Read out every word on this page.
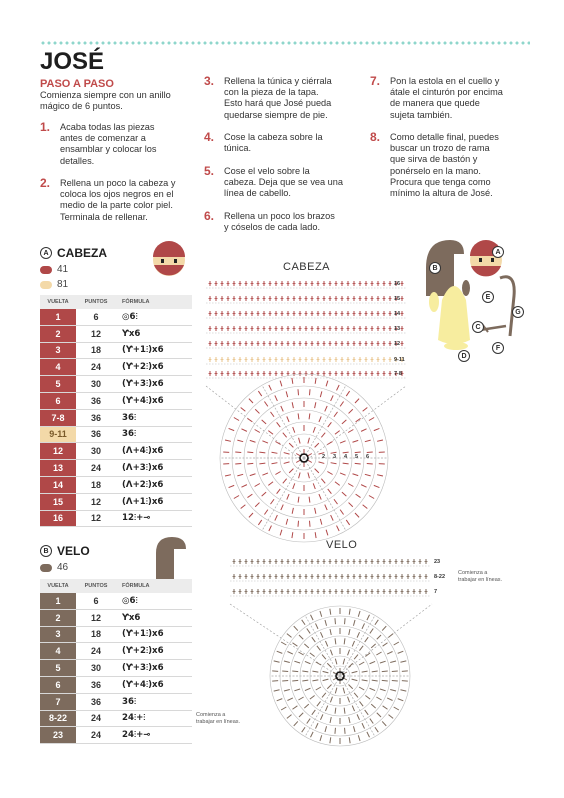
JOSÉ
PASO A PASO
Comienza siempre con un anillo mágico de 6 puntos.
1. Acaba todas las piezas
antes de comenzar a
ensamblar y colocar los
detalles.
2. Rellena un poco la cabeza y
coloca los ojos negros en el
medio de la parte color piel.
Terminala de rellenar.
3. Rellena la túnica y ciérrala
con la pieza de la tapa.
Esto hará que José pueda
quedarse siempre de pie.
4. Cose la cabeza sobre la
túnica.
5. Cose el velo sobre la
cabeza. Deja que se vea una
línea de cabello.
6. Rellena un poco los brazos
y cóselos de cada lado.
7. Pon la estola en el cuello y
átale el cinturón por encima
de manera que quede
sujeta también.
8. Como detalle final, puedes
buscar un trozo de rama
que sirva de bastón y
ponérselo en la mano.
Procura que tenga como
mínimo la altura de José.
A CABEZA
41
81
VUELTA	PUNTOS	FÓRMULA
1	6	◎6⫶
2	12	Ƴx6
3	18	(Ƴ+1⫶)x6
4	24	(Ƴ+2⫶)x6
5	30	(Ƴ+3⫶)x6
6	36	(Ƴ+4⫶)x6
7-8	36	36⫶
9-11	36	36⫶
12	30	(Ʌ+4⫶)x6
13	24	(Ʌ+3⫶)x6
14	18	(Ʌ+2⫶)x6
15	12	(Ʌ+1⫶)x6
16	12	12⫶+⊸
B VELO
46
VUELTA	PUNTOS	FÓRMULA
1	6	◎6⫶
2	12	Ƴx6
3	18	(Ƴ+1⫶)x6
4	24	(Ƴ+2⫶)x6
5	30	(Ƴ+3⫶)x6
6	36	(Ƴ+4⫶)x6
7	36	36⫶
8-22	24	24⫶+⫶
23	24	24⫶+⊸
Comienza a
trabajar en líneas.
A
B
C
D
E
F
G
CABEZA
16
15
14
13
12
9-11
7-8
2 3 4 5 6
VELO
23
8-22
7
Comienza a
trabajar en líneas.
